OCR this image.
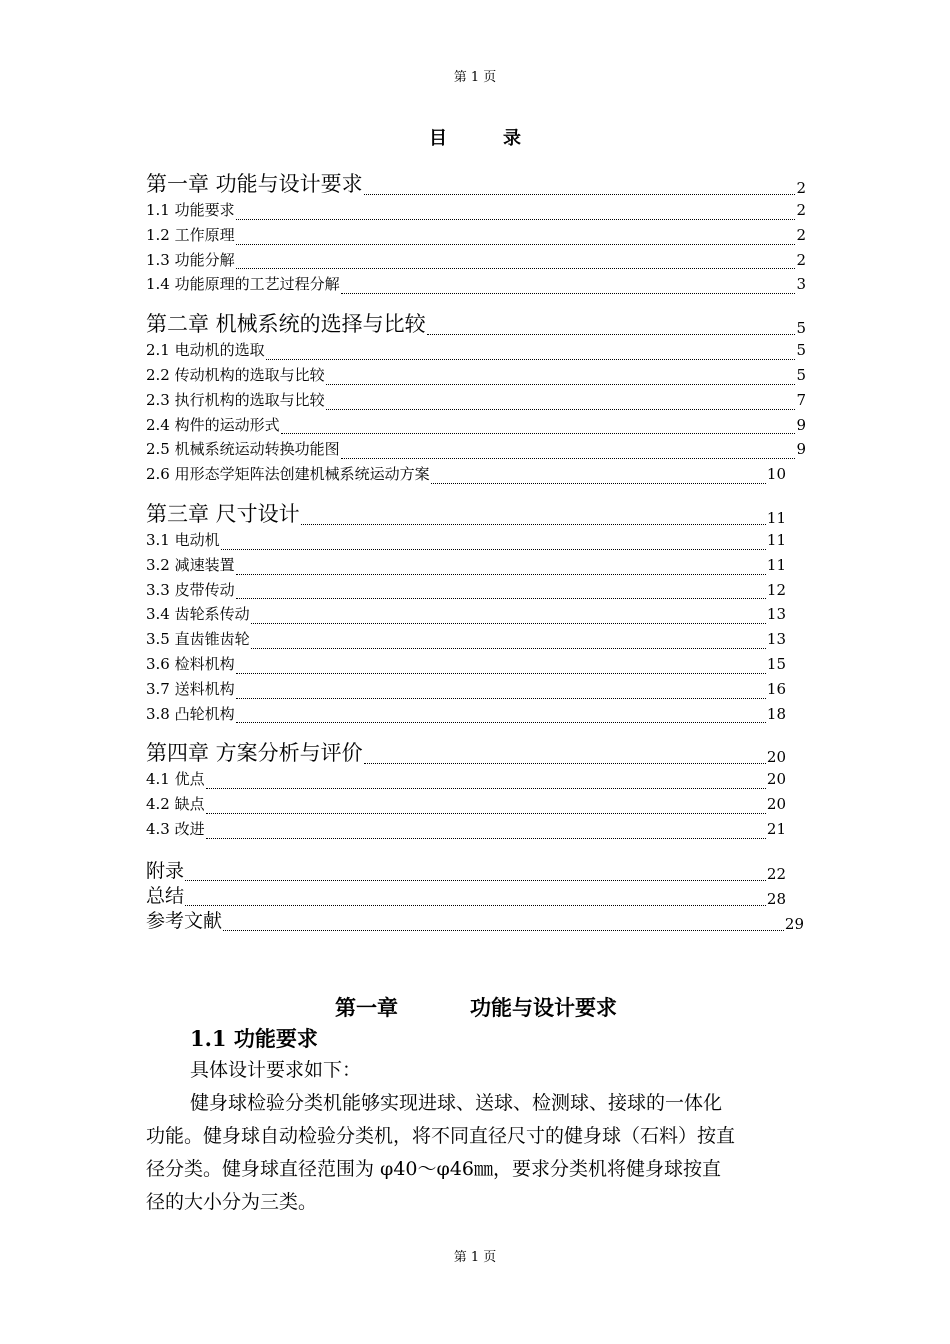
第 1 页
目	录
第一章 功能与设计要求	2
1.1 功能要求	2
1.2 工作原理	2
1.3 功能分解	2
1.4 功能原理的工艺过程分解	3
第二章 机械系统的选择与比较	5
2.1 电动机的选取	5
2.2 传动机构的选取与比较	5
2.3 执行机构的选取与比较	7
2.4 构件的运动形式	9
2.5 机械系统运动转换功能图	9
2.6 用形态学矩阵法创建机械系统运动方案	10
第三章 尺寸设计	11
3.1 电动机	11
3.2 减速装置	11
3.3 皮带传动	12
3.4 齿轮系传动	13
3.5 直齿锥齿轮	13
3.6 检料机构	15
3.7 送料机构	16
3.8 凸轮机构	18
第四章 方案分析与评价	20
4.1 优点	20
4.2 缺点	20
4.3 改进	21
附录	22
总结	28
参考文献	29
第一章	功能与设计要求
1.1 功能要求
具体设计要求如下：
健身球检验分类机能够实现进球、送球、检测球、接球的一体化
功能。健身球自动检验分类机，将不同直径尺寸的健身球（石料）按直
径分类。健身球直径范围为 φ40～φ46㎜，要求分类机将健身球按直
径的大小分为三类。
第 1 页
